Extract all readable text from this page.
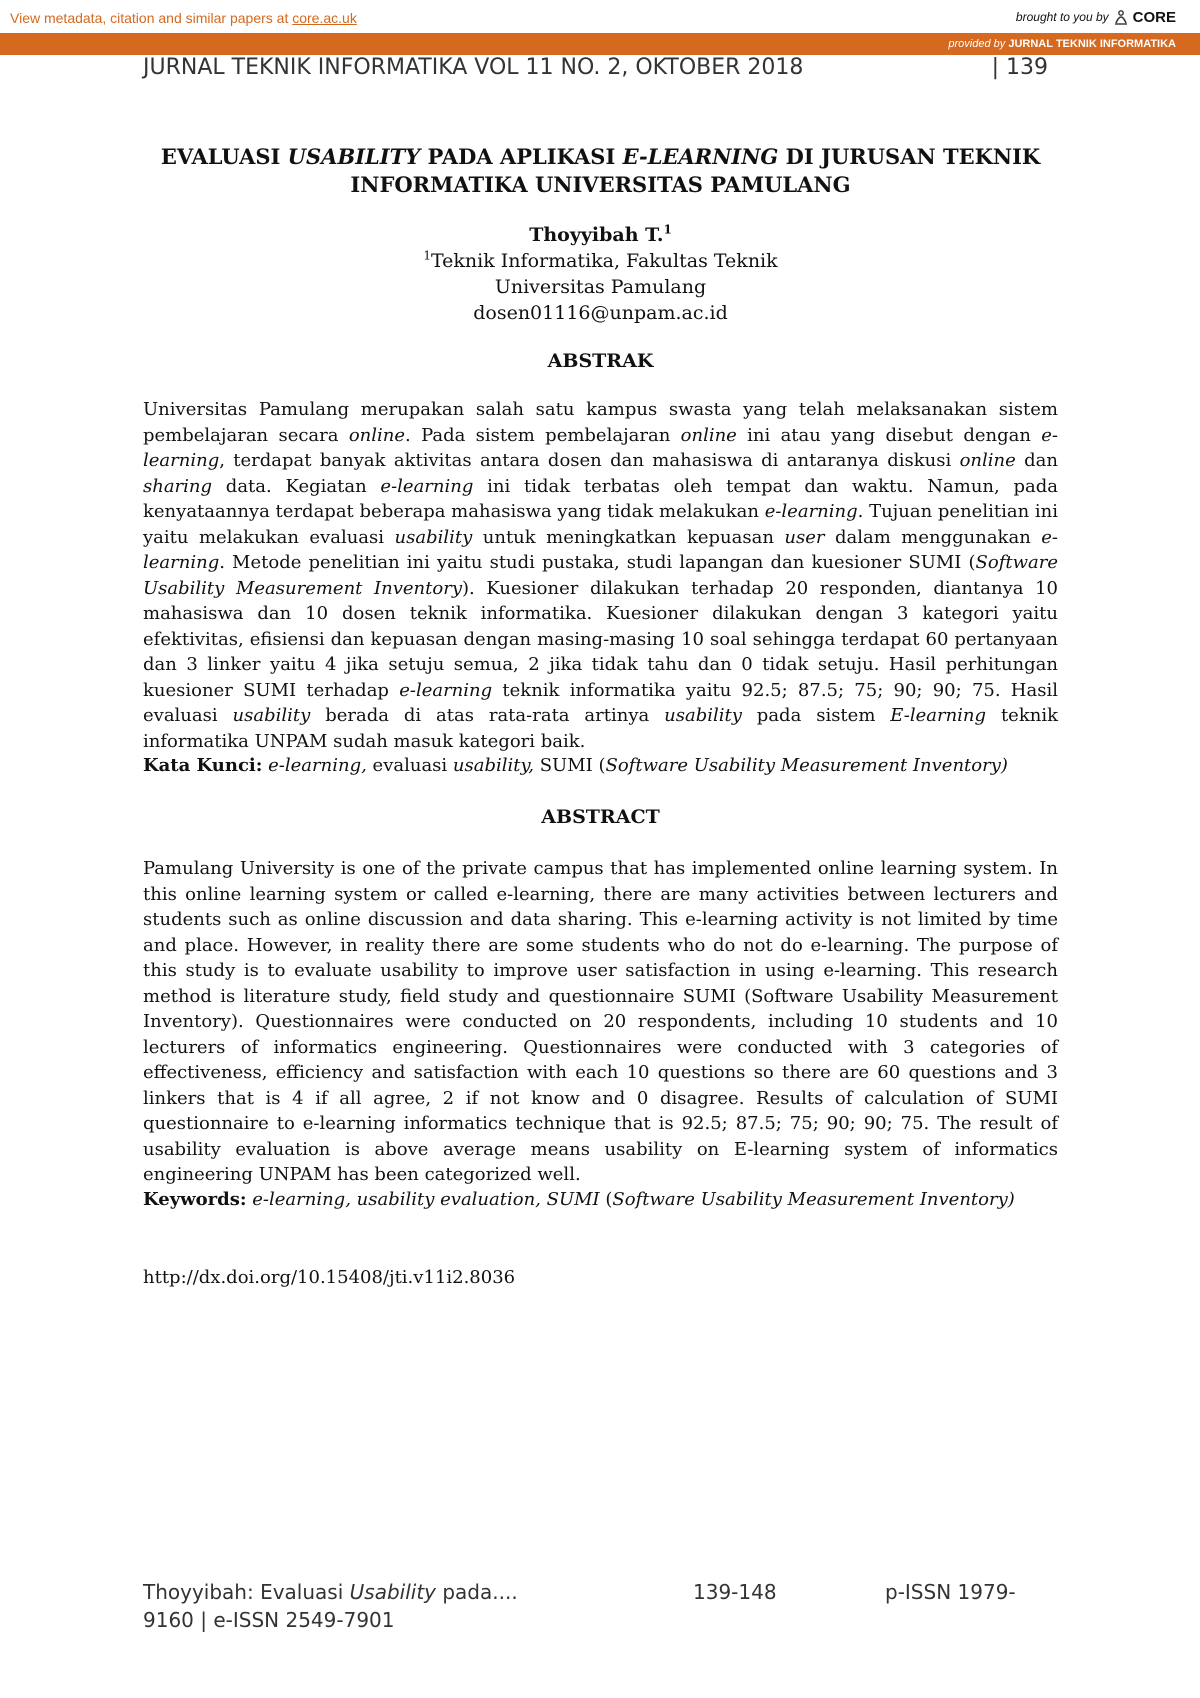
View metadata, citation and similar papers at core.ac.uk	brought to you by CORE
provided by JURNAL TEKNIK INFORMATIKA
JURNAL TEKNIK INFORMATIKA VOL 11 NO. 2, OKTOBER 2018	| 139
EVALUASI USABILITY PADA APLIKASI E-LEARNING DI JURUSAN TEKNIK INFORMATIKA UNIVERSITAS PAMULANG
Thoyyibah T.$^1$
$^1$Teknik Informatika, Fakultas Teknik
Universitas Pamulang
dosen01116@unpam.ac.id
ABSTRAK
Universitas Pamulang merupakan salah satu kampus swasta yang telah melaksanakan sistem pembelajaran secara online. Pada sistem pembelajaran online ini atau yang disebut dengan e-learning, terdapat banyak aktivitas antara dosen dan mahasiswa di antaranya diskusi online dan sharing data. Kegiatan e-learning ini tidak terbatas oleh tempat dan waktu. Namun, pada kenyataannya terdapat beberapa mahasiswa yang tidak melakukan e-learning. Tujuan penelitian ini yaitu melakukan evaluasi usability untuk meningkatkan kepuasan user dalam menggunakan e-learning. Metode penelitian ini yaitu studi pustaka, studi lapangan dan kuesioner SUMI (Software Usability Measurement Inventory). Kuesioner dilakukan terhadap 20 responden, diantanya 10 mahasiswa dan 10 dosen teknik informatika. Kuesioner dilakukan dengan 3 kategori yaitu efektivitas, efisiensi dan kepuasan dengan masing-masing 10 soal sehingga terdapat 60 pertanyaan dan 3 linker yaitu 4 jika setuju semua, 2 jika tidak tahu dan 0 tidak setuju. Hasil perhitungan kuesioner SUMI terhadap e-learning teknik informatika yaitu 92.5; 87.5; 75; 90; 90; 75. Hasil evaluasi usability berada di atas rata-rata artinya usability pada sistem E-learning teknik informatika UNPAM sudah masuk kategori baik.
Kata Kunci: e-learning, evaluasi usability, SUMI (Software Usability Measurement Inventory)
ABSTRACT
Pamulang University is one of the private campus that has implemented online learning system. In this online learning system or called e-learning, there are many activities between lecturers and students such as online discussion and data sharing. This e-learning activity is not limited by time and place. However, in reality there are some students who do not do e-learning. The purpose of this study is to evaluate usability to improve user satisfaction in using e-learning. This research method is literature study, field study and questionnaire SUMI (Software Usability Measurement Inventory). Questionnaires were conducted on 20 respondents, including 10 students and 10 lecturers of informatics engineering. Questionnaires were conducted with 3 categories of effectiveness, efficiency and satisfaction with each 10 questions so there are 60 questions and 3 linkers that is 4 if all agree, 2 if not know and 0 disagree. Results of calculation of SUMI questionnaire to e-learning informatics technique that is 92.5; 87.5; 75; 90; 90; 75. The result of usability evaluation is above average means usability on E-learning system of informatics engineering UNPAM has been categorized well.
Keywords: e-learning, usability evaluation, SUMI (Software Usability Measurement Inventory)
http://dx.doi.org/10.15408/jti.v11i2.8036
Thoyyibah: Evaluasi Usability pada....	139-148	p-ISSN 1979-
9160 | e-ISSN 2549-7901
